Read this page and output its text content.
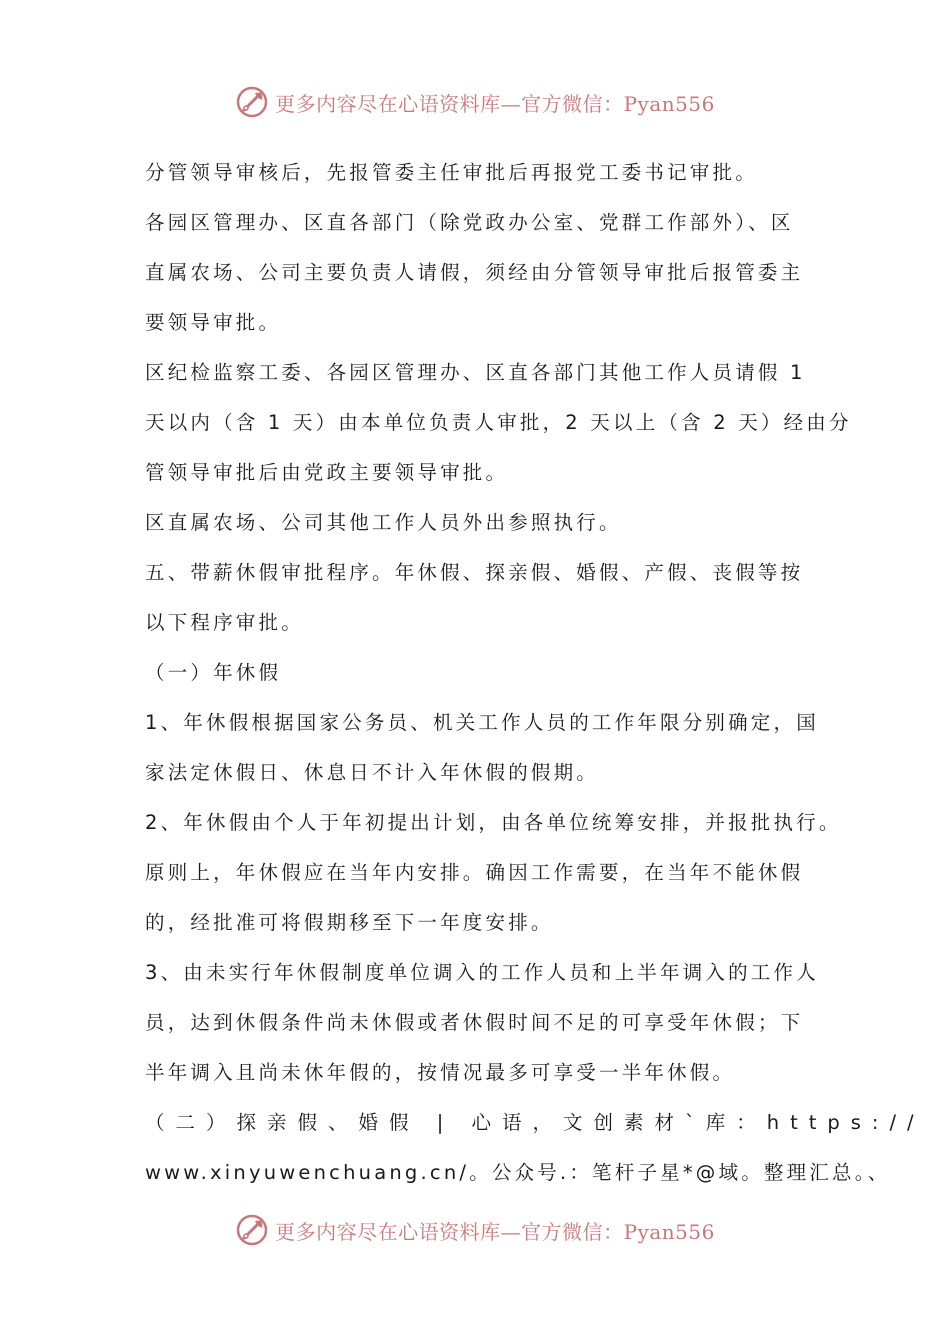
更多内容尽在心语资料库—官方微信：Pyan556

分管领导审核后，先报管委主任审批后再报党工委书记审批。

各园区管理办、区直各部门（除党政办公室、党群工作部外）、区

直属农场、公司主要负责人请假，须经由分管领导审批后报管委主

要领导审批。

区纪检监察工委、各园区管理办、区直各部门其他工作人员请假 1

天以内（含 1 天）由本单位负责人审批，2 天以上（含 2 天）经由分

管领导审批后由党政主要领导审批。

区直属农场、公司其他工作人员外出参照执行。

五、带薪休假审批程序。年休假、探亲假、婚假、产假、丧假等按

以下程序审批。

（一）年休假

1、年休假根据国家公务员、机关工作人员的工作年限分别确定，国

家法定休假日、休息日不计入年休假的假期。

2、年休假由个人于年初提出计划，由各单位统筹安排，并报批执行。

原则上，年休假应在当年内安排。确因工作需要，在当年不能休假

的，经批准可将假期移至下一年度安排。

3、由未实行年休假制度单位调入的工作人员和上半年调入的工作人

员，达到休假条件尚未休假或者休假时间不足的可享受年休假；下

半年调入且尚未休年假的，按情况最多可享受一半年休假。

（二）探亲假、婚假 | 心语，文创素材`库：https://

www.xinyuwenchuang.cn/。公众号.：笔杆子星*@域。整理汇总。、

更多内容尽在心语资料库—官方微信：Pyan556
